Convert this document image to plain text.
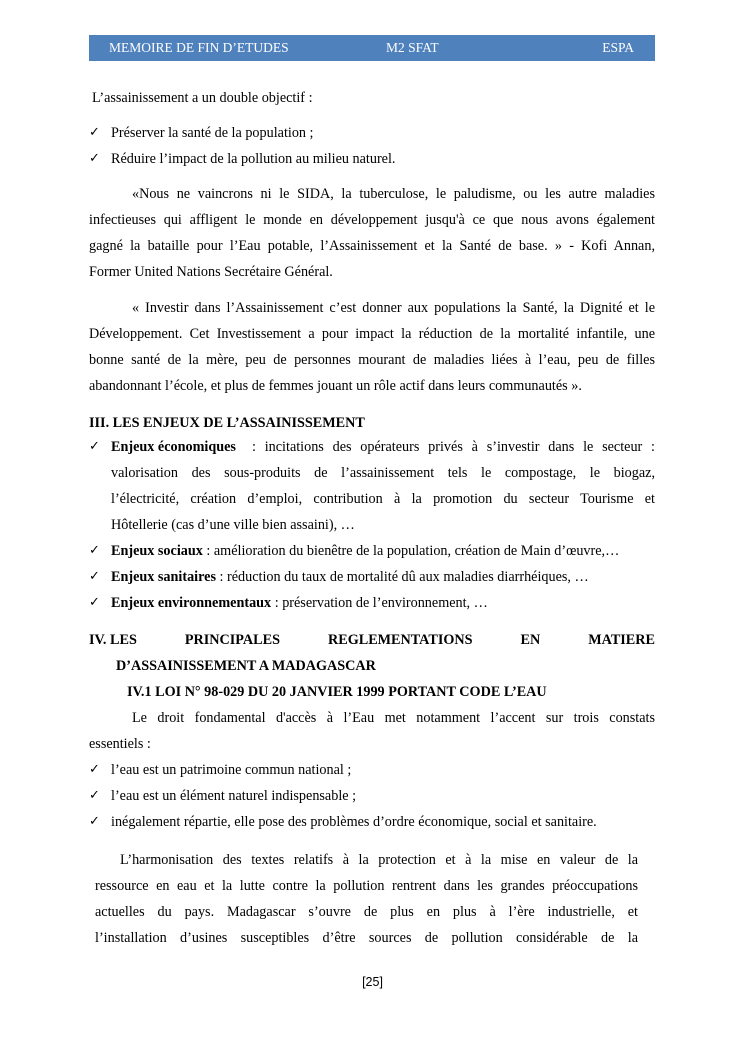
MEMOIRE DE FIN D’ETUDES	M2 SFAT	ESPA
L’assainissement a un double objectif :
✓ Préserver la santé de la population ;
✓ Réduire l’impact de la pollution au milieu naturel.
«Nous ne vaincrons ni le SIDA, la tuberculose, le paludisme, ou les autre maladies
infectieuses qui affligent le monde en développement jusqu'à ce que nous avons également
gagné la bataille pour l’Eau potable, l’Assainissement et la Santé de base. » - Kofi Annan,
Former United Nations Secrétaire Général.
« Investir dans l’Assainissement c’est donner aux populations la Santé, la Dignité et le
Développement. Cet Investissement a pour impact la réduction de la mortalité infantile, une
bonne santé de la mère, peu de personnes mourant de maladies liées à l’eau, peu de filles
abandonnant l’école, et plus de femmes jouant un rôle actif dans leurs communautés ».
III. LES ENJEUX DE L’ASSAINISSEMENT
✓ Enjeux économiques : incitations des opérateurs privés à s’investir dans le secteur :
valorisation des sous-produits de l’assainissement tels le compostage, le biogaz,
l’électricité, création d’emploi, contribution à la promotion du secteur Tourisme et
Hôtellerie (cas d’une ville bien assaini), …
✓ Enjeux sociaux : amélioration du bienêtre de la population, création de Main d’œuvre,…
✓ Enjeux sanitaires : réduction du taux de mortalité dû aux maladies diarrhéiques, …
✓ Enjeux environnementaux : préservation de l’environnement, …
IV. LES	PRINCIPALES	REGLEMENTATIONS	EN	MATIERE
D’ASSAINISSEMENT A MADAGASCAR
IV.1 LOI N° 98-029 DU 20 JANVIER 1999 PORTANT CODE L’EAU
Le droit fondamental d'accès à l’Eau met notamment l’accent sur trois constats
essentiels :
✓ l’eau est un patrimoine commun national ;
✓ l’eau est un élément naturel indispensable ;
✓ inégalement répartie, elle pose des problèmes d’ordre économique, social et sanitaire.
L’harmonisation des textes relatifs à la protection et à la mise en valeur de la
ressource en eau et la lutte contre la pollution rentrent dans les grandes préoccupations
actuelles du pays. Madagascar s’ouvre de plus en plus à l’ère industrielle, et
l’installation d’usines susceptibles d’être sources de pollution considérable de la
[25]
